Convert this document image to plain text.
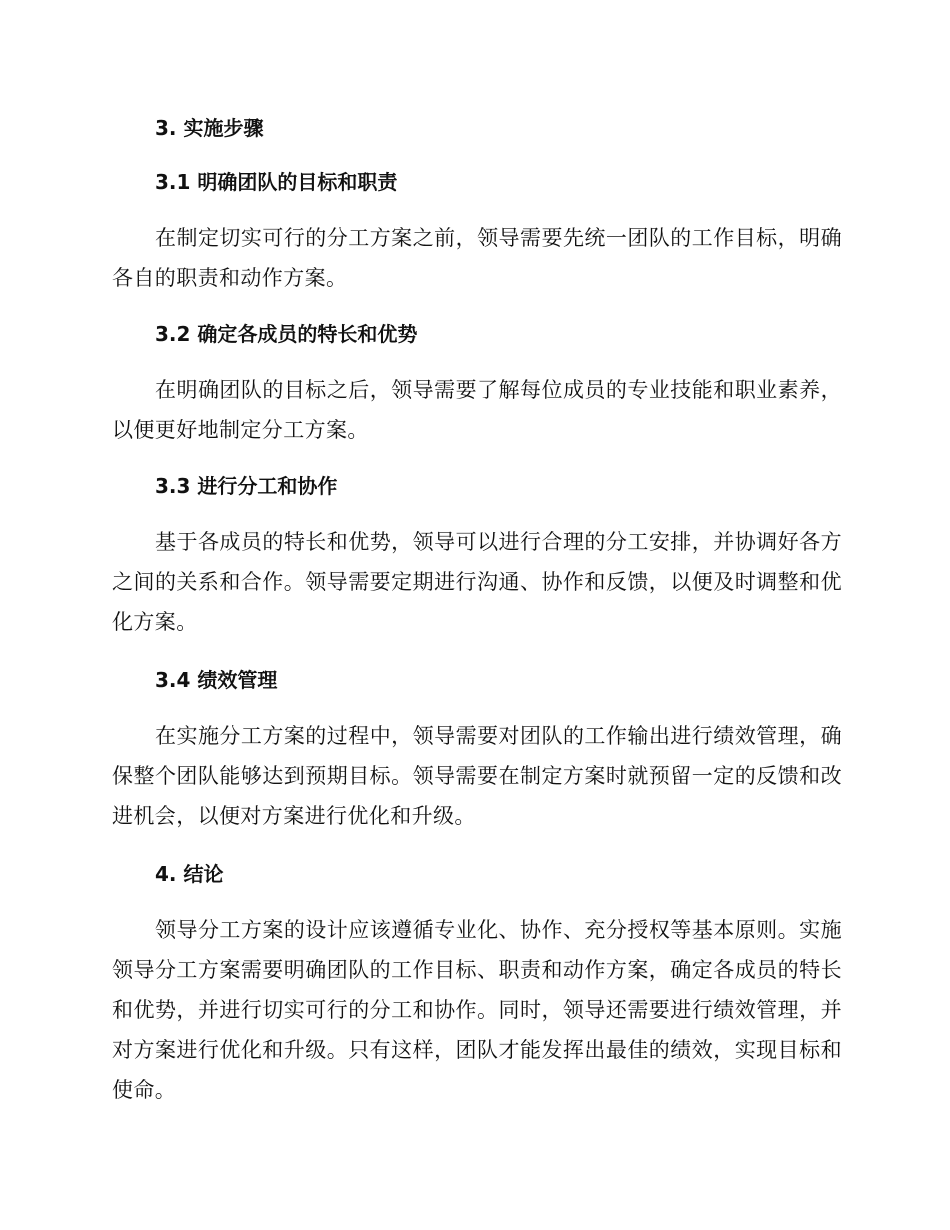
3. 实施步骤

3.1 明确团队的目标和职责

在制定切实可行的分工方案之前，领导需要先统一团队的工作目标，明确各自的职责和动作方案。

3.2 确定各成员的特长和优势

在明确团队的目标之后，领导需要了解每位成员的专业技能和职业素养，以便更好地制定分工方案。

3.3 进行分工和协作

基于各成员的特长和优势，领导可以进行合理的分工安排，并协调好各方之间的关系和合作。领导需要定期进行沟通、协作和反馈，以便及时调整和优化方案。

3.4 绩效管理

在实施分工方案的过程中，领导需要对团队的工作输出进行绩效管理，确保整个团队能够达到预期目标。领导需要在制定方案时就预留一定的反馈和改进机会，以便对方案进行优化和升级。

4. 结论

领导分工方案的设计应该遵循专业化、协作、充分授权等基本原则。实施领导分工方案需要明确团队的工作目标、职责和动作方案，确定各成员的特长和优势，并进行切实可行的分工和协作。同时，领导还需要进行绩效管理，并对方案进行优化和升级。只有这样，团队才能发挥出最佳的绩效，实现目标和使命。
